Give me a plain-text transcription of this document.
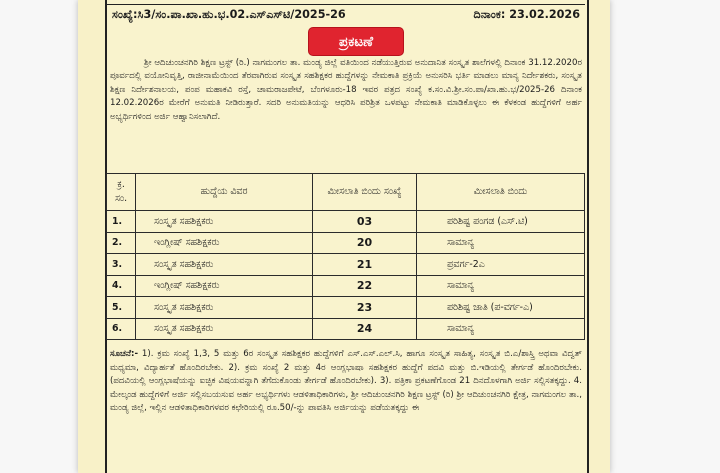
ಸಂಖ್ಯೆ:ಸಿ3/ಸಂ.ಪಾ.ಖಾ.ಹು.ಭ.02.ಎಸ್‌ಎಸ್‌ಟಿ/2025-26	ದಿನಾಂಕ: 23.02.2026
ಪ್ರಕಟಣೆ
ಶ್ರೀ ಆದಿಚುಂಚನಗಿರಿ ಶಿಕ್ಷಣ ಟ್ರಸ್ಟ್ (ರಿ.) ನಾಗಮಂಗಲ ತಾ. ಮಂಡ್ಯ ಜಿಲ್ಲೆ ವತಿಯಿಂದ ನಡೆಯುತ್ತಿರುವ ಅನುದಾನಿತ ಸಂಸ್ಕೃತ ಶಾಲೆಗಳಲ್ಲಿ ದಿನಾಂಕ 31.12.2020ರ ಪೂರ್ವದಲ್ಲಿ ವಯೋನಿವೃತ್ತಿ, ರಾಜೀನಾಮೆಯಿಂದ ತೆರವಾಗಿರುವ ಸಂಸ್ಕೃತ ಸಹಶಿಕ್ಷಕರ ಹುದ್ದೆಗಳನ್ನು ನೇಮಕಾತಿ ಪ್ರಕ್ರಿಯೆ ಅನುಸರಿಸಿ ಭರ್ತಿ ಮಾಡಲು ಮಾನ್ಯ ನಿರ್ದೇಶಕರು, ಸಂಸ್ಕೃತ ಶಿಕ್ಷಣ ನಿರ್ದೇಶನಾಲಯ, ಪಂಪ ಮಹಾಕವಿ ರಸ್ತೆ, ಚಾಮರಾಜಪೇಟೆ, ಬೆಂಗಳೂರು-18 ಇವರ ಪತ್ರದ ಸಂಖ್ಯೆ ಕ.ಸಂ.ವಿ.ಶ್ರೀ.ಸಂ.ಪಾ/ಖಾ.ಹು.ಭ/2025-26 ದಿನಾಂಕ 12.02.2026ರ ಮೇರೆಗೆ ಅನುಮತಿ ನೀಡಿರುತ್ತಾರೆ. ಸದರಿ ಅನುಮತಿಯನ್ನು ಆಧರಿಸಿ ಪರಿಶ್ರಿತ ಒಳಪಟ್ಟು ನೇಮಕಾತಿ ಮಾಡಿಕೊಳ್ಳಲು ಈ ಕೆಳಕಂಡ ಹುದ್ದೆಗಳಿಗೆ ಅರ್ಹ ಅಭ್ಯರ್ಥಿಗಳಿಂದ ಅರ್ಜಿ ಆಹ್ವಾನಿಸಲಾಗಿದೆ.
ಕ್ರ. ಸಂ.	ಹುದ್ದೆಯ ವಿವರ	ಮೀಸಲಾತಿ ಬಿಂದು ಸಂಖ್ಯೆ	ಮೀಸಲಾತಿ ಬಿಂದು
1.	ಸಂಸ್ಕೃತ ಸಹಶಿಕ್ಷಕರು	03	ಪರಿಶಿಷ್ಟ ಪಂಗಡ (ಎಸ್.ಟಿ)
2.	ಇಂಗ್ಲೀಷ್ ಸಹಶಿಕ್ಷಕರು	20	ಸಾಮಾನ್ಯ
3.	ಸಂಸ್ಕೃತ ಸಹಶಿಕ್ಷಕರು	21	ಪ್ರವರ್ಗ-2ಎ
4.	ಇಂಗ್ಲೀಷ್ ಸಹಶಿಕ್ಷಕರು	22	ಸಾಮಾನ್ಯ
5.	ಸಂಸ್ಕೃತ ಸಹಶಿಕ್ಷಕರು	23	ಪರಿಶಿಷ್ಟ ಜಾತಿ (ಪ-ವರ್ಗ-ಎ)
6.	ಸಂಸ್ಕೃತ ಸಹಶಿಕ್ಷಕರು	24	ಸಾಮಾನ್ಯ
ಸೂಚನೆ:- 1). ಕ್ರಮ ಸಂಖ್ಯೆ 1,3, 5 ಮತ್ತು 6ರ ಸಂಸ್ಕೃತ ಸಹಶಿಕ್ಷಕರ ಹುದ್ದೆಗಳಿಗೆ ಎಸ್.ಎಸ್.ಎಲ್.ಸಿ, ಹಾಗೂ ಸಂಸ್ಕೃತ ಸಾಹಿತ್ಯ, ಸಂಸ್ಕೃತ ಬಿ.ಎ/ಶಾಸ್ತ್ರಿ ಅಥವಾ ವಿದ್ವತ್ ಮಧ್ಯಮಾ, ವಿದ್ಯಾರ್ಹತೆ ಹೊಂದಿರಬೇಕು. 2). ಕ್ರಮ ಸಂಖ್ಯೆ 2 ಮತ್ತು 4ರ ಆಂಗ್ಲಭಾಷಾ ಸಹಶಿಕ್ಷಕರ ಹುದ್ದೆಗೆ ಪದವಿ ಮತ್ತು ಬಿ.ಇಡಿಯಲ್ಲಿ ತೇರ್ಗಡೆ ಹೊಂದಿರಬೇಕು. (ಪದವಿಯಲ್ಲಿ ಆಂಗ್ಲಭಾಷೆಯನ್ನು ಐಚ್ಛಿಕ ವಿಷಯವನ್ನಾಗಿ ತೆಗೆದುಕೊಂಡು ತೇರ್ಗಡೆ ಹೊಂದಿರಬೇಕು). 3). ಪತ್ರಿಕಾ ಪ್ರಕಟಣೆಗೊಂಡ 21 ದಿನದೊಳಗಾಗಿ ಅರ್ಜಿ ಸಲ್ಲಿಸತಕ್ಕದ್ದು. 4. ಮೇಲ್ಕಂಡ ಹುದ್ದೆಗಳಿಗೆ ಅರ್ಜಿ ಸಲ್ಲಿಸಬಯಸುವ ಅರ್ಹ ಅಭ್ಯರ್ಥಿಗಳು ಆಡಳಿತಾಧಿಕಾರಿಗಳು, ಶ್ರೀ ಆದಿಚುಂಚನಗಿರಿ ಶಿಕ್ಷಣ ಟ್ರಸ್ಟ್ (ರಿ) ಶ್ರೀ ಆದಿಚುಂಚನಗಿರಿ ಕ್ಷೇತ್ರ, ನಾಗಮಂಗಲ ತಾ., ಮಂಡ್ಯ ಜಿಲ್ಲೆ, ಇಲ್ಲಿನ ಆಡಳಿತಾಧಿಕಾರಿಗಳವರ ಕಛೇರಿಯಲ್ಲಿ ರೂ.50/-ನ್ನು ಪಾವತಿಸಿ ಅರ್ಜಿಯನ್ನು ಪಡೆಯತಕ್ಕದ್ದು ಈ
